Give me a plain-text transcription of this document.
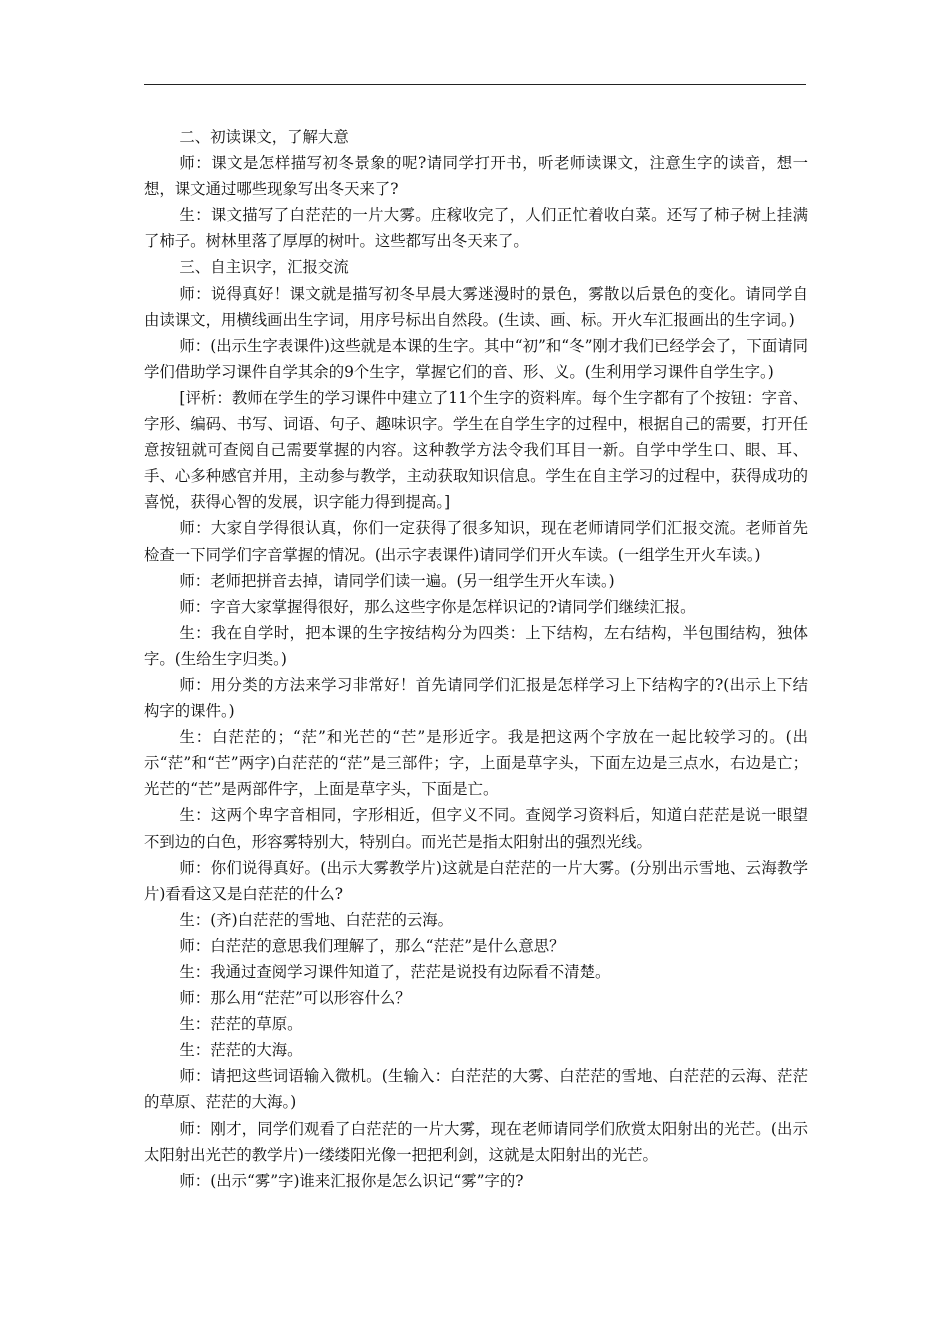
二、初读课文，了解大意

师：课文是怎样描写初冬景象的呢?请同学打开书，听老师读课文，注意生字的读音，想一想，课文通过哪些现象写出冬天来了?

生：课文描写了白茫茫的一片大雾。庄稼收完了，人们正忙着收白菜。还写了柿子树上挂满了柿子。树林里落了厚厚的树叶。这些都写出冬天来了。

三、自主识字，汇报交流

师：说得真好！课文就是描写初冬早晨大雾迷漫时的景色，雾散以后景色的变化。请同学自由读课文，用横线画出生字词，用序号标出自然段。(生读、画、标。开火车汇报画出的生字词。)

师：(出示生字表课件)这些就是本课的生字。其中“初”和“冬”刚才我们已经学会了，下面请同学们借助学习课件自学其余的9个生字，掌握它们的音、形、义。(生利用学习课件自学生字。)

[评析：教师在学生的学习课件中建立了11个生字的资料库。每个生字都有了个按钮：字音、字形、编码、书写、词语、句子、趣味识字。学生在自学生字的过程中，根据自己的需要，打开任意按钮就可查阅自己需要掌握的内容。这种教学方法令我们耳目一新。自学中学生口、眼、耳、手、心多种感官并用，主动参与教学，主动获取知识信息。学生在自主学习的过程中，获得成功的喜悦，获得心智的发展，识字能力得到提高。]

师：大家自学得很认真，你们一定获得了很多知识，现在老师请同学们汇报交流。老师首先检查一下同学们字音掌握的情况。(出示字表课件)请同学们开火车读。(一组学生开火车读。)

师：老师把拼音去掉，请同学们读一遍。(另一组学生开火车读。)

师：字音大家掌握得很好，那么这些字你是怎样识记的?请同学们继续汇报。

生：我在自学时，把本课的生字按结构分为四类：上下结构，左右结构，半包围结构，独体字。(生给生字归类。)

师：用分类的方法来学习非常好！首先请同学们汇报是怎样学习上下结构字的?(出示上下结构字的课件。)

生：白茫茫的；“茫”和光芒的“芒”是形近字。我是把这两个字放在一起比较学习的。(出示“茫”和“芒”两字)白茫茫的“茫”是三部件；字，上面是草字头，下面左边是三点水，右边是亡；光芒的“芒”是两部件字，上面是草字头，下面是亡。

生：这两个卑字音相同，字形相近，但字义不同。查阅学习资料后，知道白茫茫是说一眼望不到边的白色，形容雾特别大，特别白。而光芒是指太阳射出的强烈光线。

师：你们说得真好。(出示大雾教学片)这就是白茫茫的一片大雾。(分别出示雪地、云海教学片)看看这又是白茫茫的什么?

生：(齐)白茫茫的雪地、白茫茫的云海。

师：白茫茫的意思我们理解了，那么“茫茫”是什么意思？

生：我通过查阅学习课件知道了，茫茫是说投有边际看不清楚。

师：那么用“茫茫”可以形容什么？

生：茫茫的草原。

生：茫茫的大海。

师：请把这些词语输入微机。(生输入：白茫茫的大雾、白茫茫的雪地、白茫茫的云海、茫茫的草原、茫茫的大海。)

师：刚才，同学们观看了白茫茫的一片大雾，现在老师请同学们欣赏太阳射出的光芒。(出示太阳射出光芒的教学片)一缕缕阳光像一把把利剑，这就是太阳射出的光芒。

师：(出示“雾”字)谁来汇报你是怎么识记“雾”字的?
